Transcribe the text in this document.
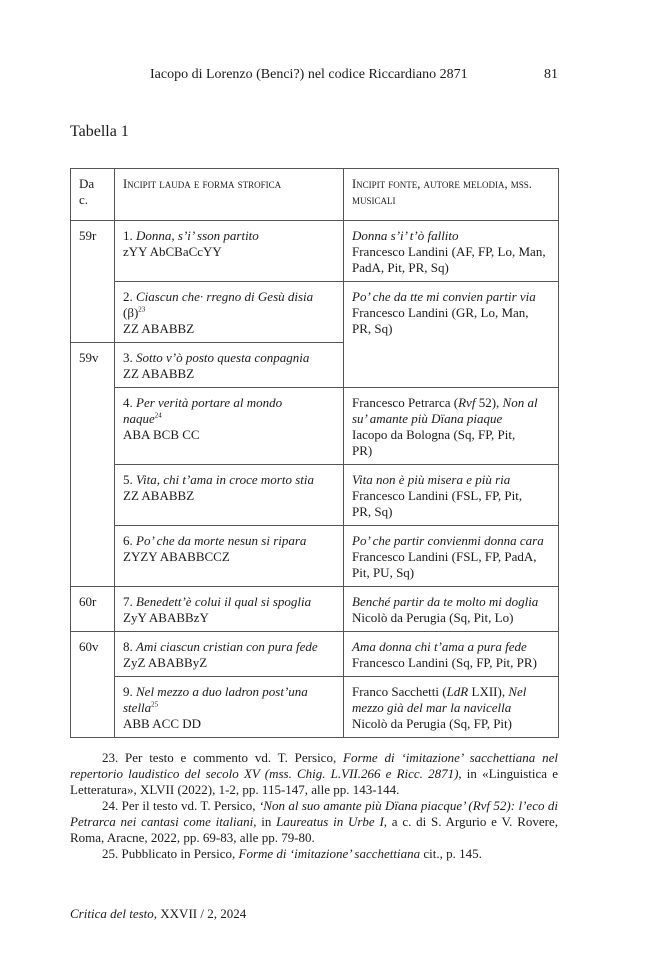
Iacopo di Lorenzo (Benci?) nel codice Riccardiano 2871	81
Tabella 1
Da c.	Incipit lauda e forma strofica	Incipit fonte, autore melodia, mss. musicali
59r	1. Donna, s’i’ sson partito
zYY AbCBaCcYY	Donna s’i’ t’ò fallito
Francesco Landini (AF, FP, Lo, Man,
PadA, Pit, PR, Sq)

	2. Ciascun che· rregno di Gesù disia
$(\beta)^{23}$
ZZ ABABBZ	Po’ che da tte mi convien partir via
Francesco Landini (GR, Lo, Man,
PR, Sq)

59v	3. Sotto v’ò posto questa conpagnia
ZZ ABABBZ	

	4. Per verità portare al mondo
naque$^{24}$
ABA BCB CC	Francesco Petrarca (Rvf 52), Non al
su’ amante più Dïana piaque
Iacopo da Bologna (Sq, FP, Pit,
PR)

	5. Vita, chi t’ama in croce morto stia
ZZ ABABBZ	Vita non è più misera e più ria
Francesco Landini (FSL, FP, Pit,
PR, Sq)

	6. Po’ che da morte nesun si ripara
ZYZY ABABBCCZ	Po’ che partir convienmi donna cara
Francesco Landini (FSL, FP, PadA,
Pit, PU, Sq)

60r	7. Benedett’è colui il qual si spoglia
ZyY ABABBzY	Benché partir da te molto mi doglia
Nicolò da Perugia (Sq, Pit, Lo)

60v	8. Ami ciascun cristian con pura fede
ZyZ ABABByZ	Ama donna chi t’ama a pura fede
Francesco Landini (Sq, FP, Pit, PR)

	9. Nel mezzo a duo ladron post’una
stella$^{25}$
ABB ACC DD	Franco Sacchetti (LdR LXII), Nel
mezzo già del mar la navicella
Nicolò da Perugia (Sq, FP, Pit)
23. Per testo e commento vd. T. Persico, Forme di ‘imitazione’ sacchettiana nel repertorio laudistico del secolo XV (mss. Chig. L.VII.266 e Ricc. 2871), in «Linguistica e Letteratura», XLVII (2022), 1-2, pp. 115-147, alle pp. 143-144.
24. Per il testo vd. T. Persico, ‘Non al suo amante più Dïana piacque’ (Rvf 52): l’eco di Petrarca nei cantasi come italiani, in Laureatus in Urbe I, a c. di S. Argurio e V. Rovere, Roma, Aracne, 2022, pp. 69-83, alle pp. 79-80.
25. Pubblicato in Persico, Forme di ‘imitazione’ sacchettiana cit., p. 145.
Critica del testo, XXVII / 2, 2024
